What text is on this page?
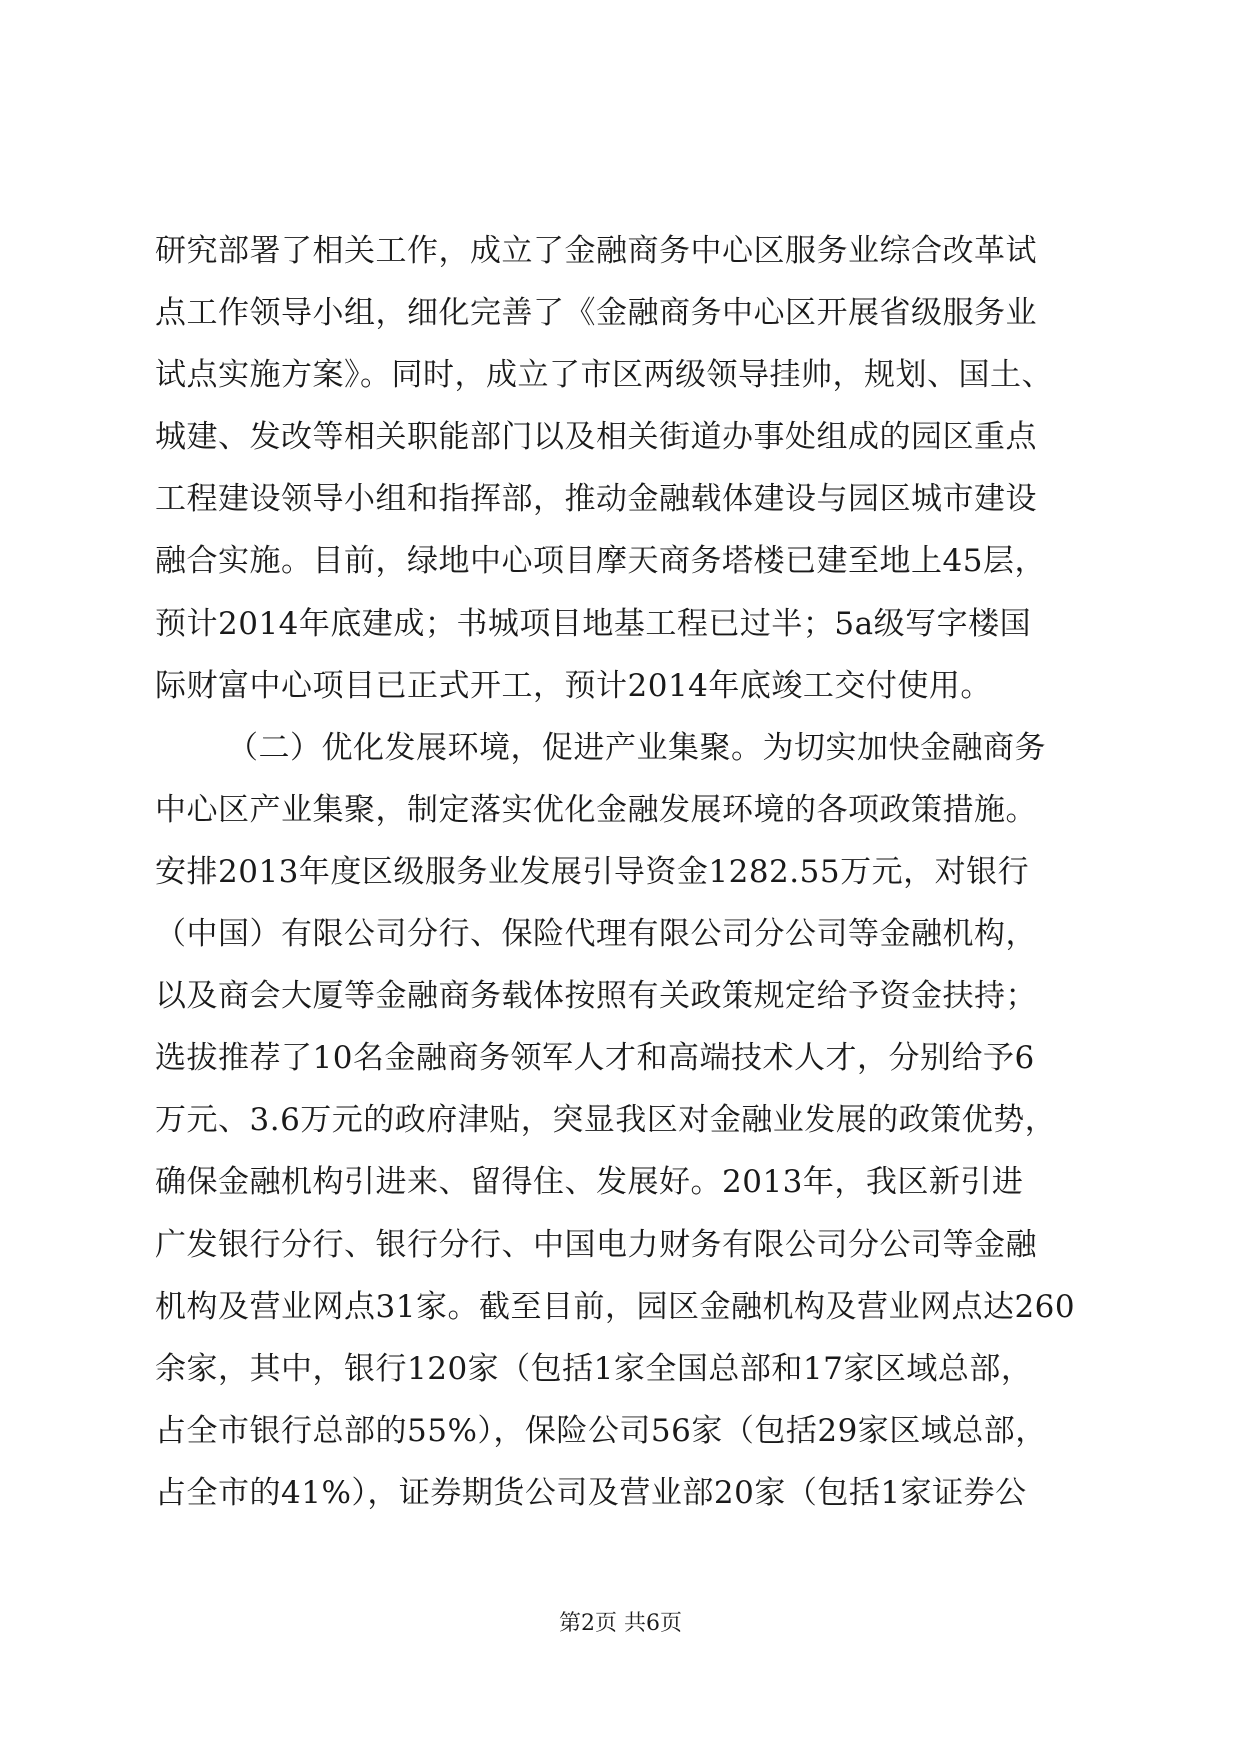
研究部署了相关工作，成立了金融商务中心区服务业综合改革试
点工作领导小组，细化完善了《金融商务中心区开展省级服务业
试点实施方案》。同时，成立了市区两级领导挂帅，规划、国土、
城建、发改等相关职能部门以及相关街道办事处组成的园区重点
工程建设领导小组和指挥部，推动金融载体建设与园区城市建设
融合实施。目前，绿地中心项目摩天商务塔楼已建至地上45层，
预计2014年底建成；书城项目地基工程已过半；5a级写字楼国
际财富中心项目已正式开工，预计2014年底竣工交付使用。
（二）优化发展环境，促进产业集聚。为切实加快金融商务
中心区产业集聚，制定落实优化金融发展环境的各项政策措施。
安排2013年度区级服务业发展引导资金1282.55万元，对银行
（中国）有限公司分行、保险代理有限公司分公司等金融机构，
以及商会大厦等金融商务载体按照有关政策规定给予资金扶持；
选拔推荐了10名金融商务领军人才和高端技术人才，分别给予6
万元、3.6万元的政府津贴，突显我区对金融业发展的政策优势，
确保金融机构引进来、留得住、发展好。2013年，我区新引进
广发银行分行、银行分行、中国电力财务有限公司分公司等金融
机构及营业网点31家。截至目前，园区金融机构及营业网点达260
余家，其中，银行120家（包括1家全国总部和17家区域总部，
占全市银行总部的55%），保险公司56家（包括29家区域总部，
占全市的41%），证券期货公司及营业部20家（包括1家证券公
第2页 共6页
